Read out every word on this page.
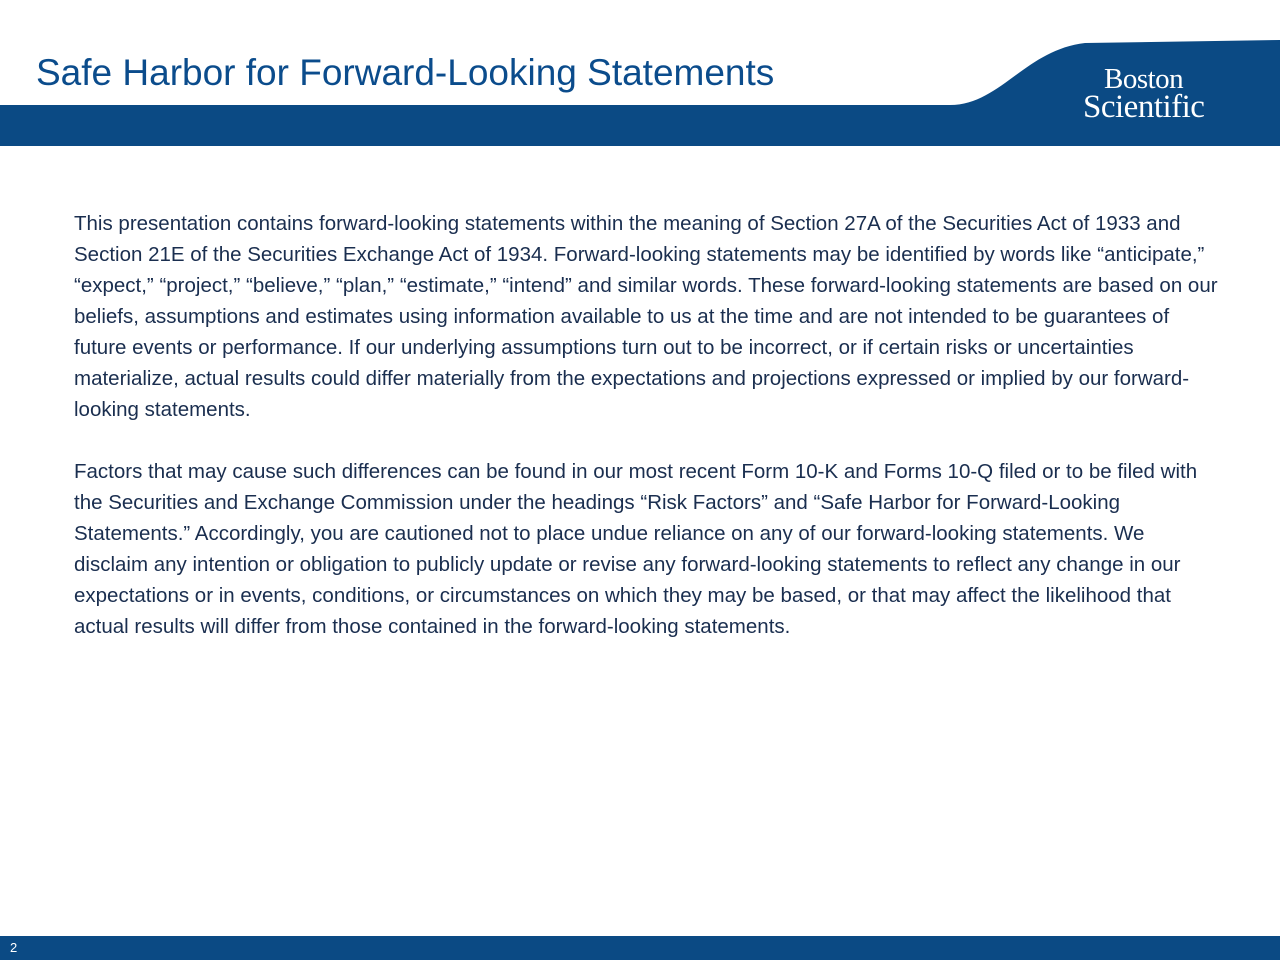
Safe Harbor for Forward-Looking Statements	Boston
Scientific

This presentation contains forward-looking statements within the meaning of Section 27A of the Securities Act of 1933 and Section 21E of the Securities Exchange Act of 1934. Forward-looking statements may be identified by words like “anticipate,” “expect,” “project,” “believe,” “plan,” “estimate,” “intend” and similar words. These forward-looking statements are based on our beliefs, assumptions and estimates using information available to us at the time and are not intended to be guarantees of future events or performance. If our underlying assumptions turn out to be incorrect, or if certain risks or uncertainties materialize, actual results could differ materially from the expectations and projections expressed or implied by our forward-looking statements.

Factors that may cause such differences can be found in our most recent Form 10-K and Forms 10-Q filed or to be filed with the Securities and Exchange Commission under the headings “Risk Factors” and “Safe Harbor for Forward-Looking Statements.” Accordingly, you are cautioned not to place undue reliance on any of our forward-looking statements. We disclaim any intention or obligation to publicly update or revise any forward-looking statements to reflect any change in our expectations or in events, conditions, or circumstances on which they may be based, or that may affect the likelihood that actual results will differ from those contained in the forward-looking statements.

2
